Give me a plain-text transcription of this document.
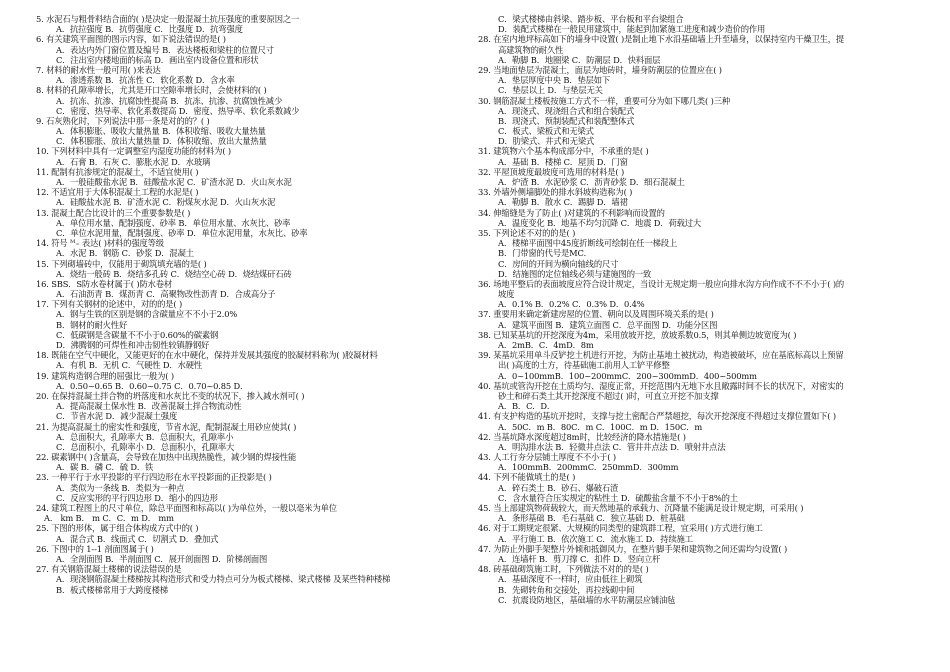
5. 水泥石与粗骨料结合面的( )是决定一般混凝土抗压强度的重要原因之一
A．抗拉强度 B．抗剪强度 C．比强度 D．抗弯强度
6. 有关建筑平面图的图示内容，如下说法错误的是( )
A．表达内外门窗位置及编号 B．表达楼板和梁柱的位置尺寸
C．注出室内楼地面的标高 D．画出室内设备位置和形状
7. 材料的耐水性一般可用( )来表达
A．渗透系数 B．抗冻性 C．软化系数 D．含水率
8. 材料的孔隙率增长，尤其是开口空隙率增长时，会使材料的( )
A．抗冻、抗渗、抗腐蚀性提高 B．抗冻、抗渗、抗腐蚀性减少
C．密度、热导率、软化系数提高 D．密度、热导率、软化系数减少
9. 石灰熟化时，下列说法中那一条是对的的？( )
A．体积膨胀、吸收大量热量 B．体积收缩、吸收大量热量
C．体积膨胀、放出大量热量 D．体积收缩、放出大量热量
10. 下列材料中具有一定调整室内湿度功能的材料为( )
A．石膏 B．石灰 C．膨胀水泥 D．水玻璃
11. 配制有抗渗规定的混凝土，不适宜使用( )
A．一般硅酸盐水泥 B．硅酸盐水泥 C．矿渣水泥 D．火山灰水泥
12. 不适宜用于大体积混凝土工程的水泥是( )
A．硅酸盐水泥 B．矿渣水泥 C．粉煤灰水泥 D．火山灰水泥
13. 混凝土配合比设计的三个重要参数是( )
A．单位用水量、配制强度、砂率 B．单位用水量、水灰比、砂率
C．单位水泥用量，配制强度、砂率 D．单位水泥用量，水灰比、砂率
14. 符号 ᴹ₌ 表达( )材料的强度等级
A．水泥 B．钢筋 C．砂浆 D．混凝土
15. 下列砌墙砖中，仅能用于砌筑填充墙的是( )
A．烧结一般砖 B．烧结多孔砖 C．烧结空心砖 D．烧结煤矸石砖
16. SBS．S防水卷材属于( )防水卷材
A．石油沥青 B．煤沥青 C．高聚物改性沥青 D．合成高分子
17. 下列有关钢材的论述中，对的的是( )
A．钢与生铁的区别是钢的含碳量应不不小于2.0%
B．钢材的耐火性好
C．低碳钢是含碳量不不小于0.60%的碳素钢
D．沸腾钢的可焊性和冲击韧性较镇静钢好
18. 既能在空气中硬化，又能更好的在水中硬化，保持并发展其强度的胶凝材料称为( )胶凝材料
A．有机 B．无机 C．气硬性 D．水硬性
19. 建筑构造钢合理的屈强比一般为( )
A．0.50~0.65 B．0.60~0.75 C．0.70~0.85 D．
20. 在保持混凝土拌合物的坍落度和水灰比不变的状况下，掺入减水剂可( )
A．提高混凝土保水性 B．改善混凝土拌合物流动性
C．节省水泥 D．减少混凝土强度
21. 为提高混凝土的密实性和强度，节省水泥，配制混凝土用砂应使其( )
A．总面积大，孔隙率大 B．总面积大，孔隙率小
C．总面积小，孔隙率小 D．总面积小，孔隙率大
22. 碳素钢中( )含量高，会导致在加热中出现热脆性，减少钢的焊接性能
A．碳 B．磷 C．硫 D．铁
23. 一种平行于水平投影的平行四边形在水平投影面的正投影是( )
A．类似为一条线 B．类似为一种点
C．反应实形的平行四边形 D．缩小的四边形
24. 建筑工程图上的尺寸单位，除总平面图和标高以( )为单位外，一般以毫米为单位
A． km B． m C．C．m D． mm
25. 下图的形体，属于组合体构成方式中的( )
A．混合式 B．线面式 C．切割式 D．叠加式
26. 下图中的 1--1 剖面图属于( )
A．全剖面图 B．半剖面图 C．展开剖面图 D．阶梯剖面图
27. 有关钢筋混凝土楼梯的说法错误的是
A．现浇钢筋混凝土楼梯按其构造形式和受力特点可分为板式楼梯、梁式楼梯 及某些特种楼梯
B．板式楼梯常用于大跨度楼梯
C．梁式楼梯由斜梁、踏步板、平台板和平台梁组合
D．装配式楼梯在一般民用建筑中，能起到加紧施工进度和减少造价的作用
28. 在室内地坪标高如下的墙身中设置( )是制止地下水沿基础墙上升至墙身，以保持室内干燥卫生，提
高建筑物的耐久性
A．勒脚 B．地圈梁 C．防潮层 D．快料面层
29. 当地面垫层为混凝土，面层为地砖时，墙身防潮层的位置应在( )
A．垫层厚度中央 B．垫层如下
C．垫层以上 D．与垫层无关
30. 钢筋混凝土楼板按施工方式不一样，重要可分为如下哪几类( )三种
A．现浇式、现浇组合式和组合装配式
B．现浇式、预制装配式和装配整体式
C．板式、梁板式和无梁式
D．肋梁式、井式和无梁式
31. 建筑物六个基本构成部分中，不承重的是( )
A．基础 B．楼梯 C．屋顶 D．门窗
32. 平屋顶坡度最坡度可选用的材料是( )
A．炉渣 B．水泥砂浆 C．沥青砂浆 D．细石混凝土
33. 外墙外侧墙脚处的排水斜坡构造称为( )
A．勒脚 B．散水 C．踢脚 D．墙裙
34. 伸缩缝是为了防止( )对建筑的不利影响而设置的
A．温度变化 B．地基不均匀沉降 C．地震 D．荷载过大
35. 下列论述不对的的是( )
A．楼梯平面图中45度折断线可绘制在任一梯段上
B．门带窗的代号是MC．
C．房间的开间为横向轴线的尺寸
D．结施图的定位轴线必须与建施图的一致
36. 场地平整后的表面坡度应符合设计规定，当设计无规定期一般应向排水沟方向作成不不不小于( )的
坡度
A．0.1% B．0.2% C．0.3% D．0.4%
37. 重要用来确定新建房屋的位置、朝向以及周围环境关系的是( )
A．建筑平面图 B．建筑立面图 C．总平面图 D．功能分区图
38. 已知某基坑的开挖深度为4m，采用放坡开挖，放坡系数0.5，则其单侧边坡宽度为( )
A．2mB．C．4mD．8m
39. 某基坑采用单斗反铲挖土机进行开挖，为防止基地土被扰动，构造被破坏，应在基底标高以上预留
出( )高度的土方，待基础施工前用人工铲平修整
A．0~100mmB．100~200mmC．200~300mmD．400~500mm
40. 基坑或管沟开挖在土质均匀、湿度正常，开挖范围内无地下水且敞露时间不长的状况下，对密实的
砂土和碎石类土其开挖深度不超过( )时，可直立开挖不加支撑
A．B．C．D．
41. 有支护构造的基坑开挖时，支撑与挖土密配合严禁超挖，每次开挖深度不得超过支撑位置如下( )
A．50C．m B．80C．m C．100C．m D．150C．m
42. 当基坑降水深度超过8m时，比较经济的降水措施是( )
A．明沟排水法 B．轻微井点法 C．管井井点法 D．喷射井点法
43. 人工行夯分层铺土厚度不不小于( )
A．100mmB．200mmC．250mmD．300mm
44. 下列不能做填土的是( )
A．碎石类土 B．砂石、爆破石渣
C．含水量符合压实规定的粘性土 D．硫酸盐含量不不小于8%的土
45. 当上部建筑物荷载较大，而天然地基的承载力、沉降量不能满足设计规定期，可采用( )
A．条形基础 B．毛石基础 C．独立基础 D．桩基础
46. 对于工期规定很紧、大规模的同类型的建筑群工程，宜采用( )方式进行施工
A．平行施工 B．依次施工 C．流水施工 D．持续施工
47. 为防止外脚手架整片外倾和抵御风力，在整片脚手架和建筑物之间还需均匀设置( )
A．连墙杆 B．剪刀撑 C．扣件 D．竖向立杆
48. 砖基础砌筑施工时，下列做法不对的的是( )
A．基础深度不一样时，应由低往上砌筑
B．先砌转角和交接处，再拉线砌中间
C．抗震设防地区，基础墙的水平防潮层应铺油毡
